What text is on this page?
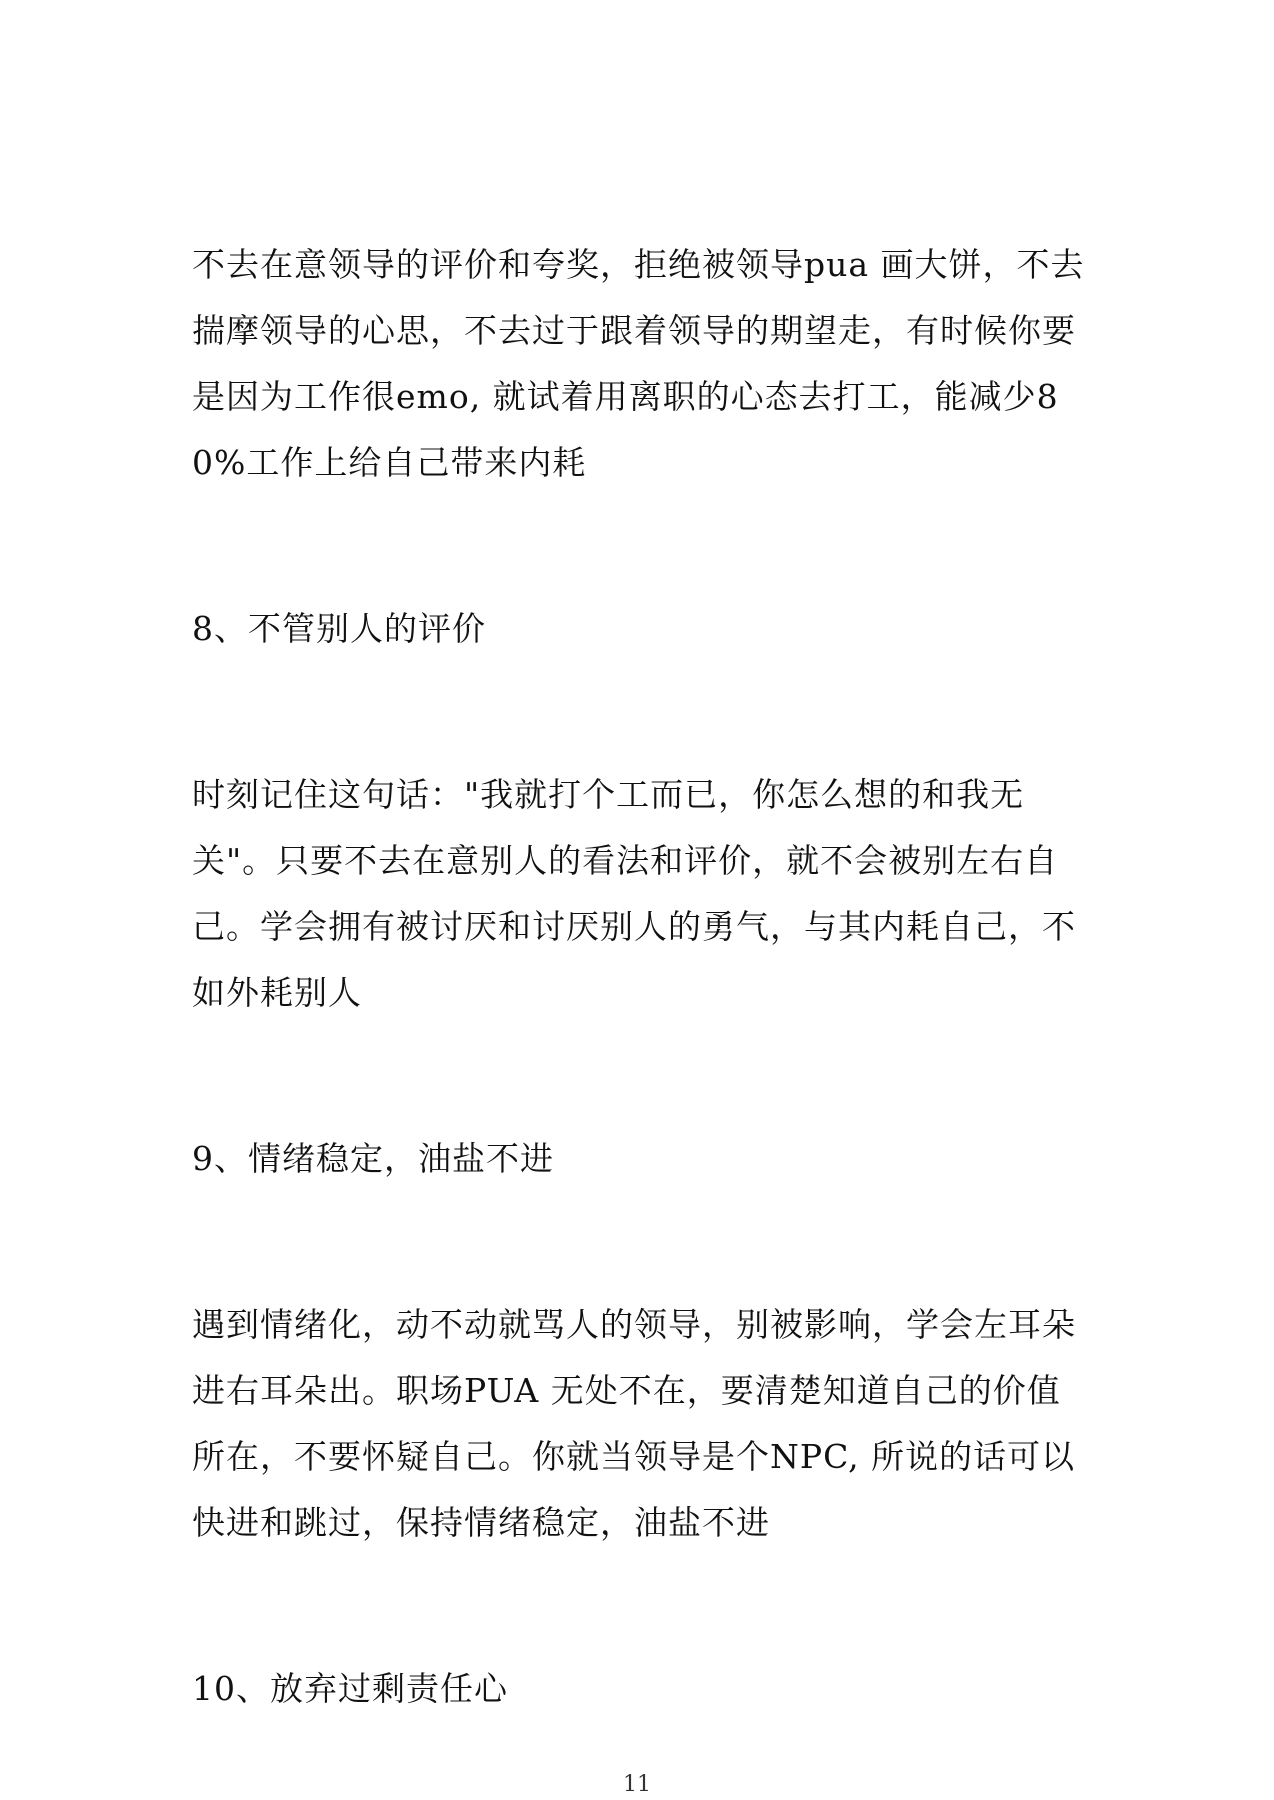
不去在意领导的评价和夸奖，拒绝被领导pua 画大饼，不去揣摩领导的心思，不去过于跟着领导的期望走，有时候你要是因为工作很emo, 就试着用离职的心态去打工，能减少80%工作上给自己带来内耗

8、不管别人的评价

时刻记住这句话："我就打个工而已，你怎么想的和我无关"。只要不去在意别人的看法和评价，就不会被别左右自己。学会拥有被讨厌和讨厌别人的勇气，与其内耗自己，不如外耗别人

9、情绪稳定，油盐不进

遇到情绪化，动不动就骂人的领导，别被影响，学会左耳朵进右耳朵出。职场PUA 无处不在，要清楚知道自己的价值所在，不要怀疑自己。你就当领导是个NPC, 所说的话可以快进和跳过，保持情绪稳定，油盐不进

10、放弃过剩责任心

11
